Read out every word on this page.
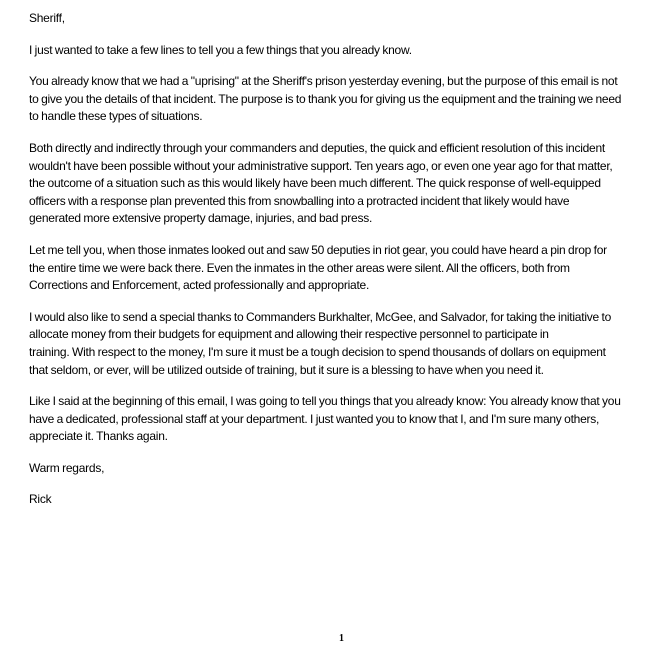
Sheriff,

I just wanted to take a few lines to tell you a few things that you already know.

You already know that we had a "uprising" at the Sheriff's prison yesterday evening, but the purpose of this email is not
to give you the details of that incident. The purpose is to thank you for giving us the equipment and the training we need
to handle these types of situations.

Both directly and indirectly through your commanders and deputies, the quick and efficient resolution of this incident
wouldn't have been possible without your administrative support. Ten years ago, or even one year ago for that matter,
the outcome of a situation such as this would likely have been much different. The quick response of well-equipped
officers with a response plan prevented this from snowballing into a protracted incident that likely would have
generated more extensive property damage, injuries, and bad press.

Let me tell you, when those inmates looked out and saw 50 deputies in riot gear, you could have heard a pin drop for
the entire time we were back there. Even the inmates in the other areas were silent. All the officers, both from
Corrections and Enforcement, acted professionally and appropriate.

I would also like to send a special thanks to Commanders Burkhalter, McGee, and Salvador, for taking the initiative to
allocate money from their budgets for equipment and allowing their respective personnel to participate in
training. With respect to the money, I'm sure it must be a tough decision to spend thousands of dollars on equipment
that seldom, or ever, will be utilized outside of training, but it sure is a blessing to have when you need it.

Like I said at the beginning of this email, I was going to tell you things that you already know: You already know that you
have a dedicated, professional staff at your department. I just wanted you to know that I, and I'm sure many others,
appreciate it. Thanks again.

Warm regards,

Rick

1
